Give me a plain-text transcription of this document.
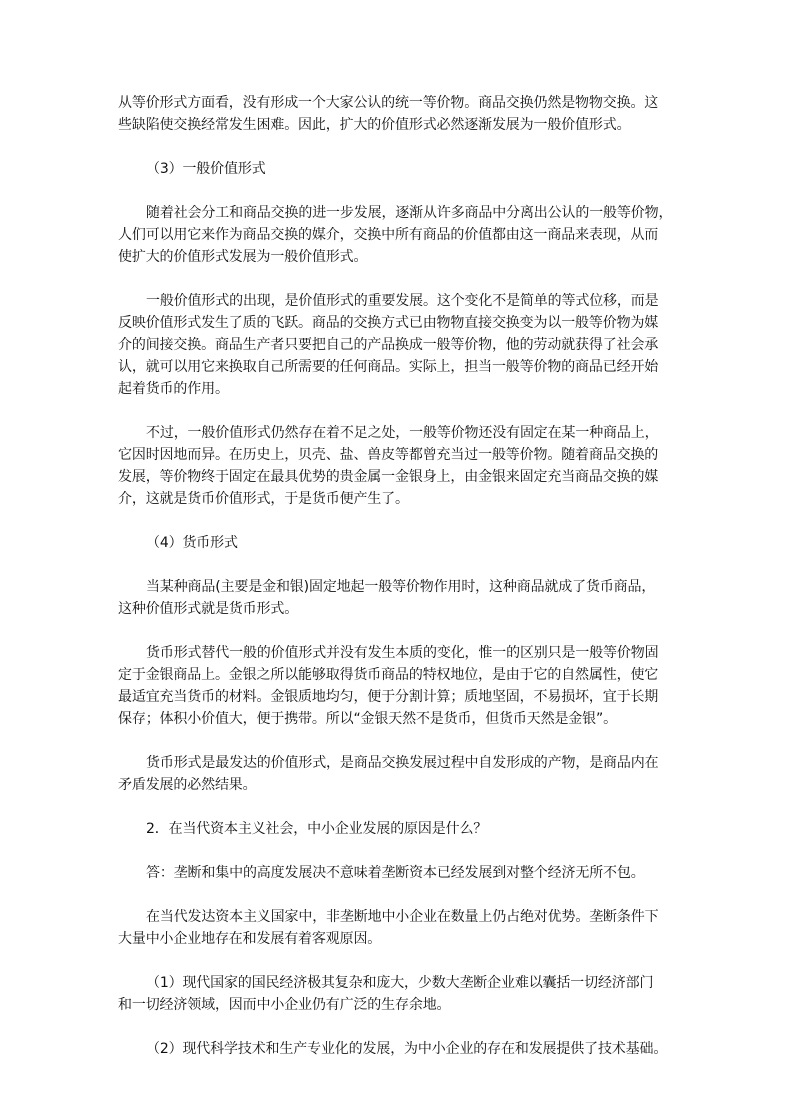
从等价形式方面看，没有形成一个大家公认的统一等价物。商品交换仍然是物物交换。这
些缺陷使交换经常发生困难。因此，扩大的价值形式必然逐渐发展为一般价值形式。

（3）一般价值形式

随着社会分工和商品交换的进一步发展，逐渐从许多商品中分离出公认的一般等价物，
人们可以用它来作为商品交换的媒介，交换中所有商品的价值都由这一商品来表现，从而
使扩大的价值形式发展为一般价值形式。

一般价值形式的出现，是价值形式的重要发展。这个变化不是简单的等式位移，而是
反映价值形式发生了质的飞跃。商品的交换方式已由物物直接交换变为以一般等价物为媒
介的间接交换。商品生产者只要把自己的产品换成一般等价物，他的劳动就获得了社会承
认，就可以用它来换取自己所需要的任何商品。实际上，担当一般等价物的商品已经开始
起着货币的作用。

不过，一般价值形式仍然存在着不足之处，一般等价物还没有固定在某一种商品上，
它因时因地而异。在历史上，贝壳、盐、兽皮等都曾充当过一般等价物。随着商品交换的
发展，等价物终于固定在最具优势的贵金属一金银身上，由金银来固定充当商品交换的媒
介，这就是货币价值形式，于是货币便产生了。

（4）货币形式

当某种商品(主要是金和银)固定地起一般等价物作用时，这种商品就成了货币商品，
这种价值形式就是货币形式。

货币形式替代一般的价值形式并没有发生本质的变化，惟一的区别只是一般等价物固
定于金银商品上。金银之所以能够取得货币商品的特权地位，是由于它的自然属性，使它
最适宜充当货币的材料。金银质地均匀，便于分割计算；质地坚固，不易损坏，宜于长期
保存；体积小价值大，便于携带。所以“金银天然不是货币，但货币天然是金银”。

货币形式是最发达的价值形式，是商品交换发展过程中自发形成的产物，是商品内在
矛盾发展的必然结果。

2．在当代资本主义社会，中小企业发展的原因是什么？

答：垄断和集中的高度发展决不意味着垄断资本已经发展到对整个经济无所不包。

在当代发达资本主义国家中，非垄断地中小企业在数量上仍占绝对优势。垄断条件下
大量中小企业地存在和发展有着客观原因。

（1）现代国家的国民经济极其复杂和庞大，少数大垄断企业难以囊括一切经济部门
和一切经济领域，因而中小企业仍有广泛的生存余地。

（2）现代科学技术和生产专业化的发展，为中小企业的存在和发展提供了技术基础。
